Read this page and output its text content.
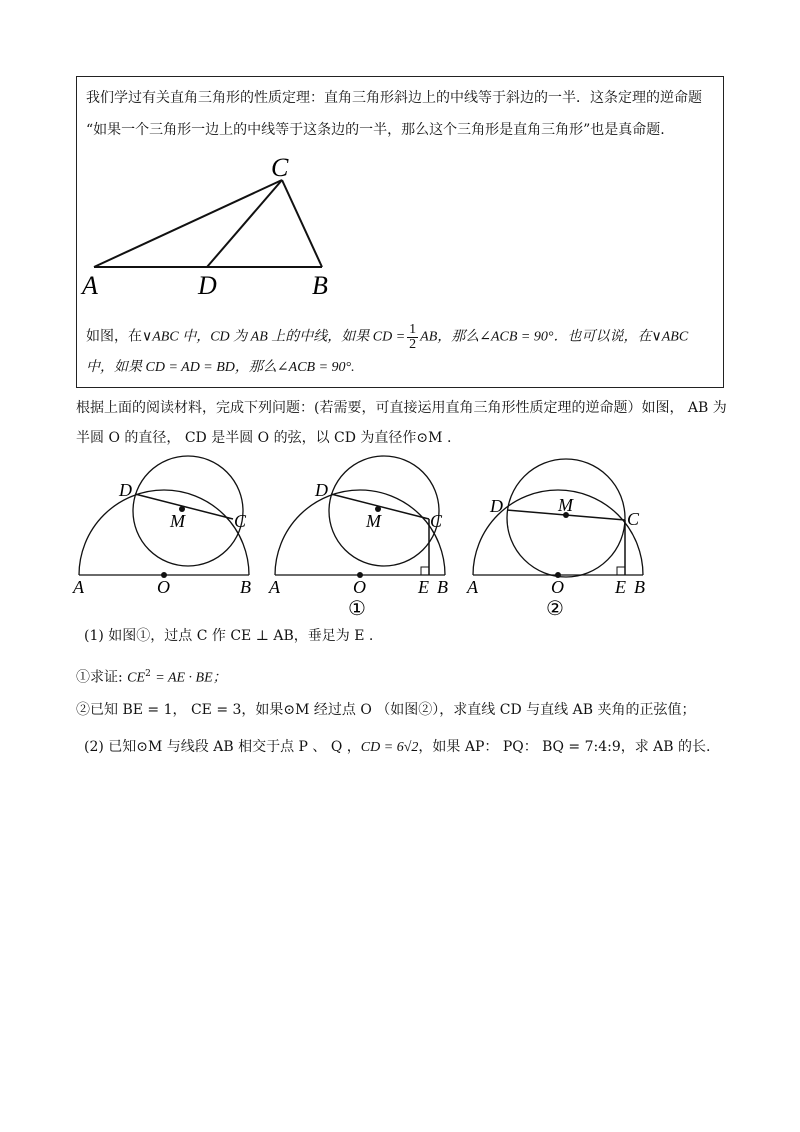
我们学过有关直角三角形的性质定理：直角三角形斜边上的中线等于斜边的一半．这条定理的逆命题
“如果一个三角形一边上的中线等于这条边的一半，那么这个三角形是直角三角形”也是真命题.
C
A	D	B
如图，在∨ABC 中，CD 为 AB 上的中线，如果 CD = $\frac{1}{2}$ AB，那么∠ACB = 90°．也可以说，在∨ABC
中，如果 CD = AD = BD，那么∠ACB = 90°.
根据上面的阅读材料，完成下列问题：(若需要，可直接运用直角三角形性质定理的逆命题）如图， AB 为
半圆 O 的直径， CD 是半圆 O 的弦，以 CD 为直径作⊙M .
A	O	B
D
M	C
A	O	E B
D
M	C
A	O	E B
D	M
C
①	②
(1) 如图①，过点 C 作 CE ⊥ AB，垂足为 E .
①求证: $CE^2$ = AE · BE；
②已知 BE = 1， CE = 3，如果⊙M 经过点 O （如图②），求直线 CD 与直线 AB 夹角的正弦值；
(2) 已知⊙M 与线段 AB 相交于点 P 、 Q ，CD = 6√2，如果 AP： PQ： BQ = 7:4:9，求 AB 的长.
